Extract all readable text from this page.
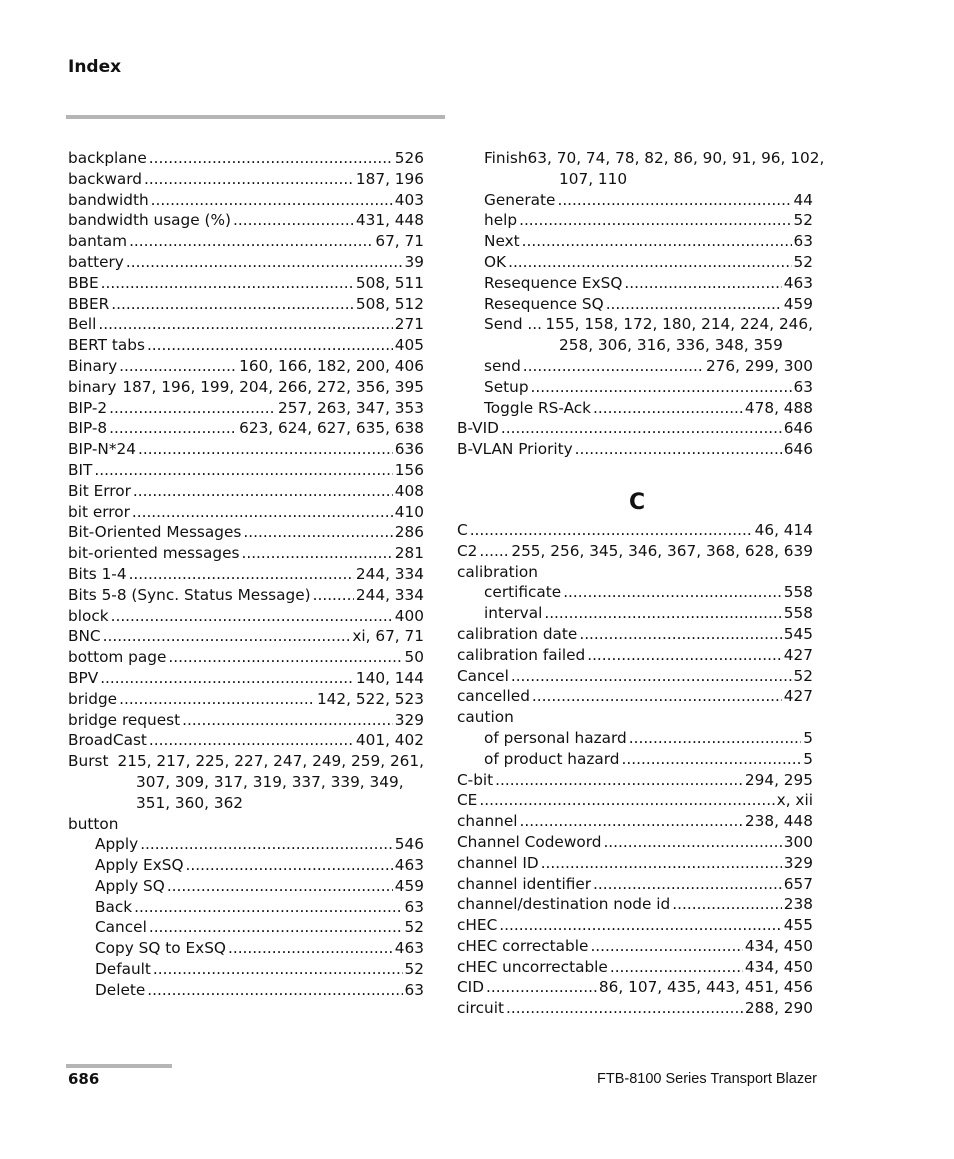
Index
backplane .....	526
backward .....	187, 196
bandwidth .....	403
bandwidth usage (%) .....	431, 448
bantam .....	67, 71
battery .....	39
BBE .....	508, 511
BBER .....	508, 512
Bell .....	271
BERT tabs .....	405
Binary .....	160, 166, 182, 200, 406
binary 187, 196, 199, 204, 266, 272, 356, 395
BIP-2 .....	257, 263, 347, 353
BIP-8 .....	623, 624, 627, 635, 638
BIP-N*24 .....	636
BIT .....	156
Bit Error .....	408
bit error .....	410
Bit-Oriented Messages .....	286
bit-oriented messages .....	281
Bits 1-4 .....	244, 334
Bits 5-8 (Sync. Status Message) .....	244, 334
block .....	400
BNC .....	xi, 67, 71
bottom page .....	50
BPV .....	140, 144
bridge .....	142, 522, 523
bridge request .....	329
BroadCast .....	401, 402
Burst 215, 217, 225, 227, 247, 249, 259, 261,
307, 309, 317, 319, 337, 339, 349,
351, 360, 362
button
Apply .....	546
Apply ExSQ .....	463
Apply SQ .....	459
Back .....	63
Cancel .....	52
Copy SQ to ExSQ .....	463
Default .....	52
Delete .....	63
Finish 63, 70, 74, 78, 82, 86, 90, 91, 96, 102,
107, 110
Generate .....	44
help .....	52
Next .....	63
OK .....	52
Resequence ExSQ .....	463
Resequence SQ .....	459
Send ... 155, 158, 172, 180, 214, 224, 246,
258, 306, 316, 336, 348, 359
send .....	276, 299, 300
Setup .....	63
Toggle RS-Ack .....	478, 488
B-VID .....	646
B-VLAN Priority .....	646
C
C .....	46, 414
C2 ..... 255, 256, 345, 346, 367, 368, 628, 639
calibration
certificate .....	558
interval .....	558
calibration date .....	545
calibration failed .....	427
Cancel .....	52
cancelled .....	427
caution
of personal hazard .....	5
of product hazard .....	5
C-bit .....	294, 295
CE .....	x, xii
channel .....	238, 448
Channel Codeword .....	300
channel ID .....	329
channel identifier .....	657
channel/destination node id .....	238
cHEC .....	455
cHEC correctable .....	434, 450
cHEC uncorrectable .....	434, 450
CID .....	86, 107, 435, 443, 451, 456
circuit .....	288, 290
686	FTB-8100 Series Transport Blazer
